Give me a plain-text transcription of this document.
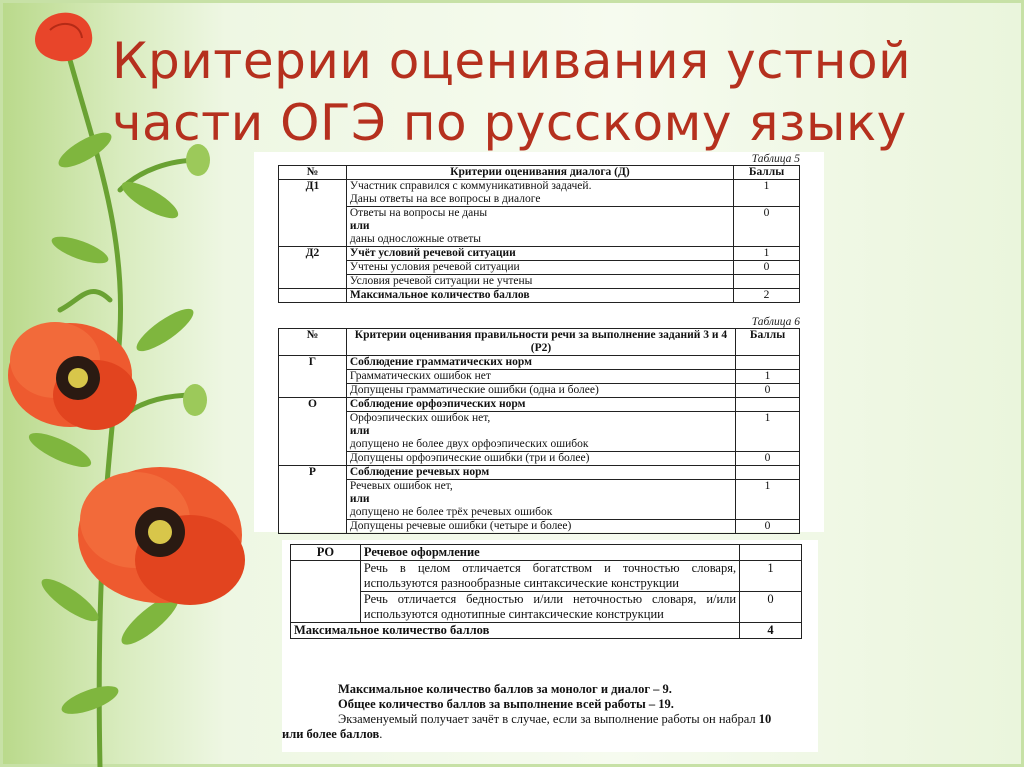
Критерии оценивания устной
части ОГЭ по русскому языку

Таблица 5

№	Критерии оценивания диалога (Д)	Баллы
Д1	Участник справился с коммуникативной задачей.
Даны ответы на все вопросы в диалоге	1

	Ответы на вопросы не даны
или
даны односложные ответы	0
Д2	Учёт условий речевой ситуации	1
	Учтены условия речевой ситуации	0
	Условия речевой ситуации не учтены	
	Максимальное количество баллов	2

Таблица 6

№	Критерии оценивания правильности речи за выполнение заданий 3 и 4 (Р2)	Баллы
Г	Соблюдение грамматических норм	
	Грамматических ошибок нет	1
	Допущены грамматические ошибки (одна и более)	0
О	Соблюдение орфоэпических норм	

	Орфоэпических ошибок нет,
или
допущено не более двух орфоэпических ошибок	1
	Допущены орфоэпические ошибки (три и более)	0
Р	Соблюдение речевых норм	

	Речевых ошибок нет,
или
допущено не более трёх речевых ошибок	1
	Допущены речевые ошибки (четыре и более)	0
РО	Речевое оформление	
	Речь в целом отличается богатством и точностью словаря, используются разнообразные синтаксические конструкции	1
	Речь отличается бедностью и/или неточностью словаря, и/или используются однотипные синтаксические конструкции	0
Максимальное количество баллов		4

Максимальное количество баллов за монолог и диалог – 9.

Общее количество баллов за выполнение всей работы – 19.

Экзаменуемый получает зачёт в случае, если за выполнение работы он набрал 10 или более баллов.
